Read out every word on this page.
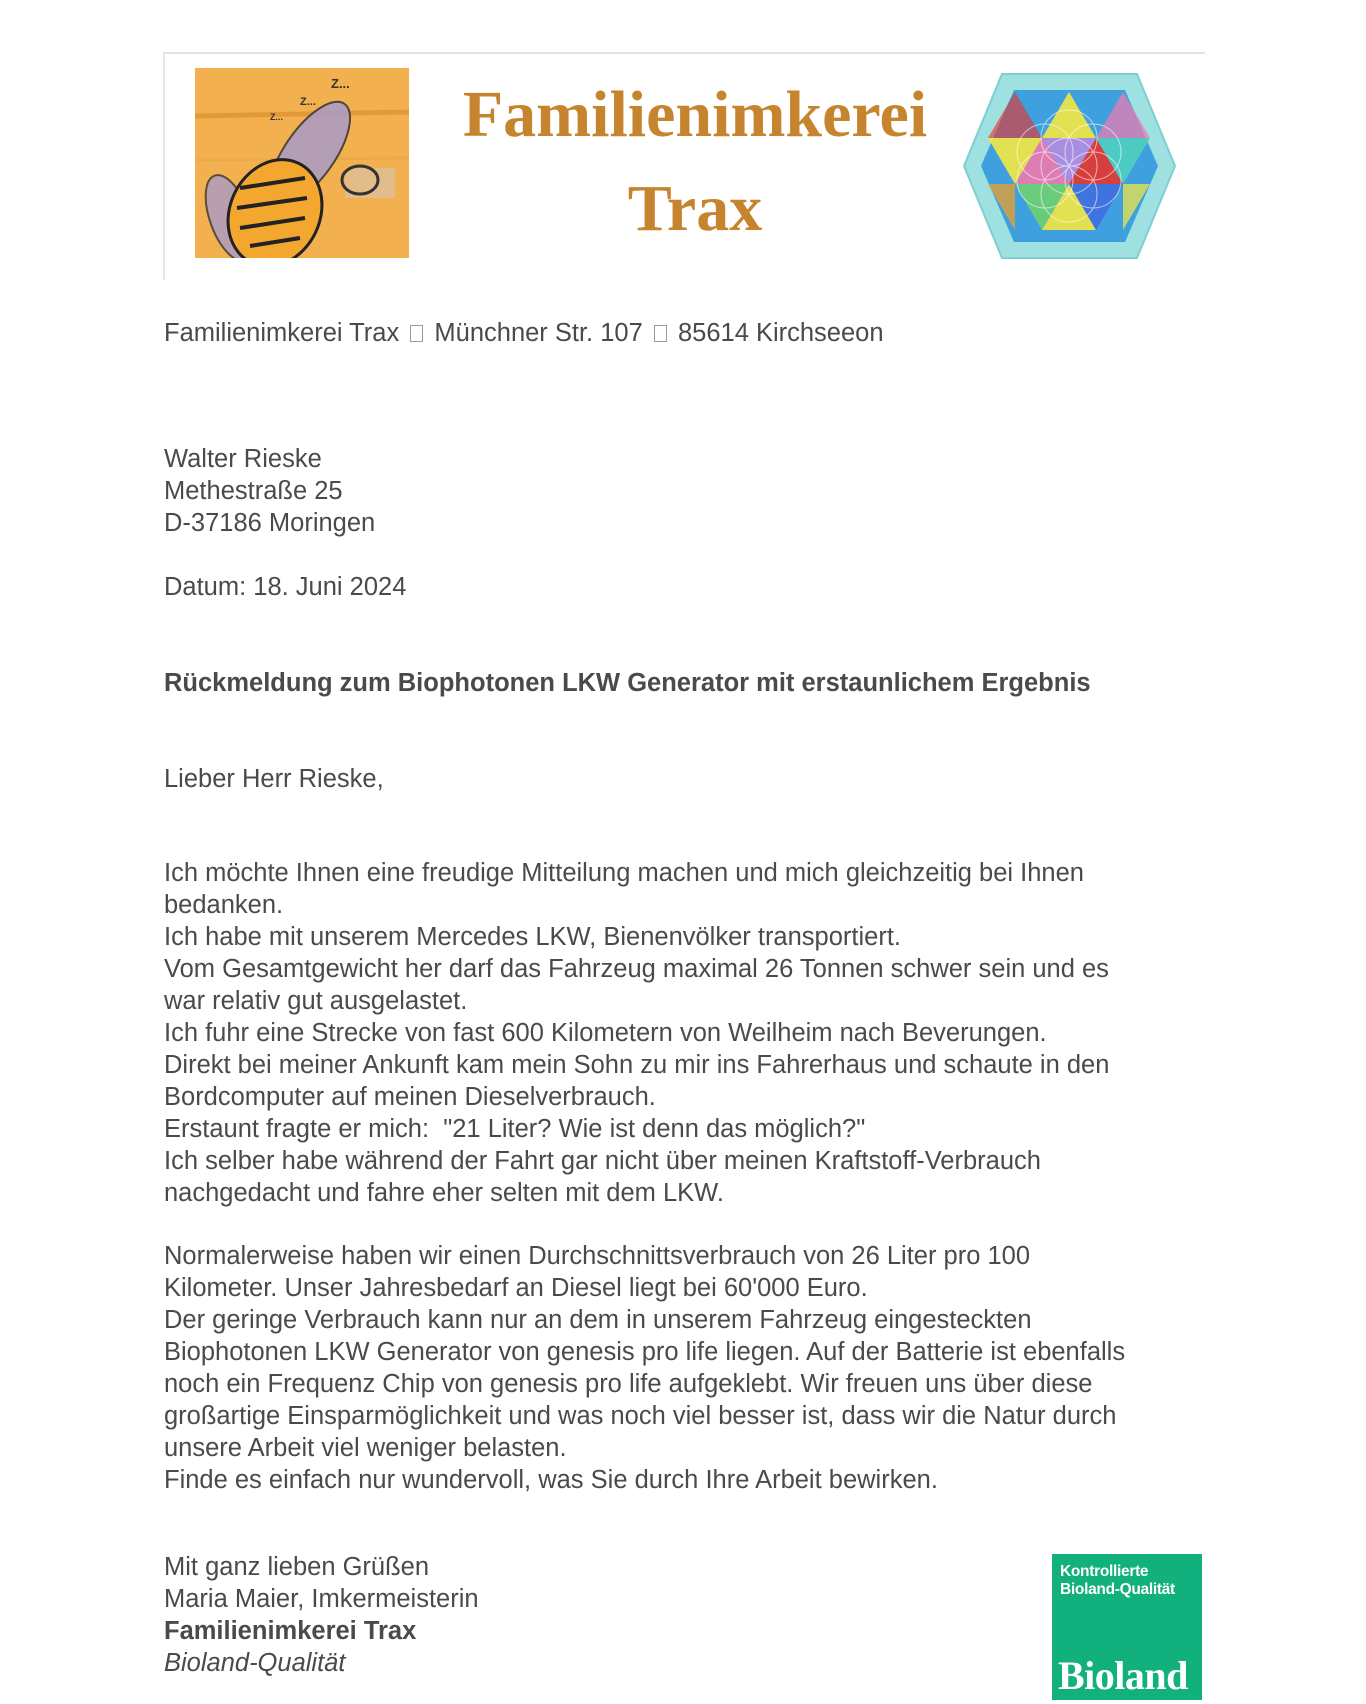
Z...
Z...
Z...	Familienimkerei
Trax
Familienimkerei Trax Münchner Str. 107 85614 Kirchseeon
Walter Rieske
Methestraße 25
D-37186 Moringen
Datum: 18. Juni 2024
Rückmeldung zum Biophotonen LKW Generator mit erstaunlichem Ergebnis
Lieber Herr Rieske,
Ich möchte Ihnen eine freudige Mitteilung machen und mich gleichzeitig bei Ihnen
bedanken.
Ich habe mit unserem Mercedes LKW, Bienenvölker transportiert.
Vom Gesamtgewicht her darf das Fahrzeug maximal 26 Tonnen schwer sein und es
war relativ gut ausgelastet.
Ich fuhr eine Strecke von fast 600 Kilometern von Weilheim nach Beverungen.
Direkt bei meiner Ankunft kam mein Sohn zu mir ins Fahrerhaus und schaute in den
Bordcomputer auf meinen Dieselverbrauch.
Erstaunt fragte er mich:  "21 Liter? Wie ist denn das möglich?"
Ich selber habe während der Fahrt gar nicht über meinen Kraftstoff-Verbrauch
nachgedacht und fahre eher selten mit dem LKW.
Normalerweise haben wir einen Durchschnittsverbrauch von 26 Liter pro 100
Kilometer. Unser Jahresbedarf an Diesel liegt bei 60'000 Euro.
Der geringe Verbrauch kann nur an dem in unserem Fahrzeug eingesteckten
Biophotonen LKW Generator von genesis pro life liegen. Auf der Batterie ist ebenfalls
noch ein Frequenz Chip von genesis pro life aufgeklebt. Wir freuen uns über diese
großartige Einsparmöglichkeit und was noch viel besser ist, dass wir die Natur durch
unsere Arbeit viel weniger belasten.
Finde es einfach nur wundervoll, was Sie durch Ihre Arbeit bewirken.
Mit ganz lieben Grüßen
Maria Maier, Imkermeisterin
Familienimkerei Trax
Bioland-Qualität
Kontrollierte
Bioland-Qualität
Bioland
